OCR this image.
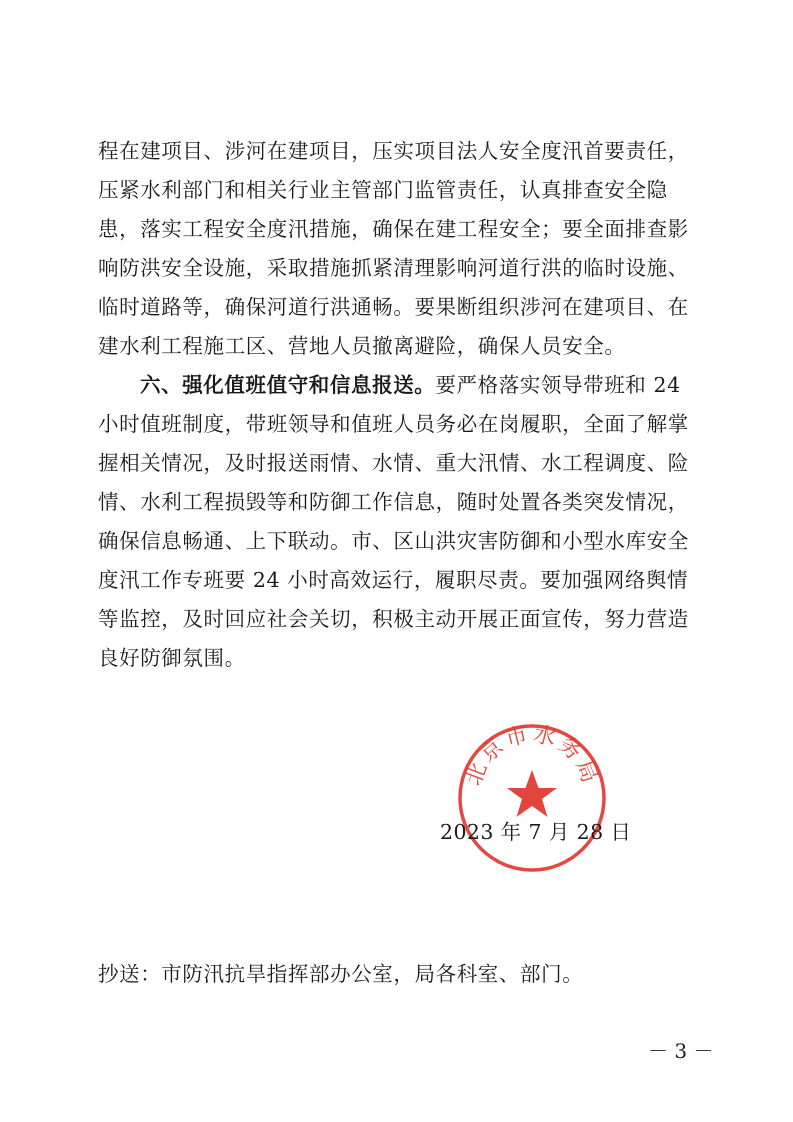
程在建项目、涉河在建项目，压实项目法人安全度汛首要责任，
压紧水利部门和相关行业主管部门监管责任，认真排查安全隐
患，落实工程安全度汛措施，确保在建工程安全；要全面排查影
响防洪安全设施，采取措施抓紧清理影响河道行洪的临时设施、
临时道路等，确保河道行洪通畅。要果断组织涉河在建项目、在
建水利工程施工区、营地人员撤离避险，确保人员安全。
六、强化值班值守和信息报送。要严格落实领导带班和 24
小时值班制度，带班领导和值班人员务必在岗履职，全面了解掌
握相关情况，及时报送雨情、水情、重大汛情、水工程调度、险
情、水利工程损毁等和防御工作信息，随时处置各类突发情况，
确保信息畅通、上下联动。市、区山洪灾害防御和小型水库安全
度汛工作专班要 24 小时高效运行，履职尽责。要加强网络舆情
等监控，及时回应社会关切，积极主动开展正面宣传，努力营造
良好防御氛围。
北京市水务局
2023 年 7 月 28 日
抄送：市防汛抗旱指挥部办公室，局各科室、部门。
－ 3 －
